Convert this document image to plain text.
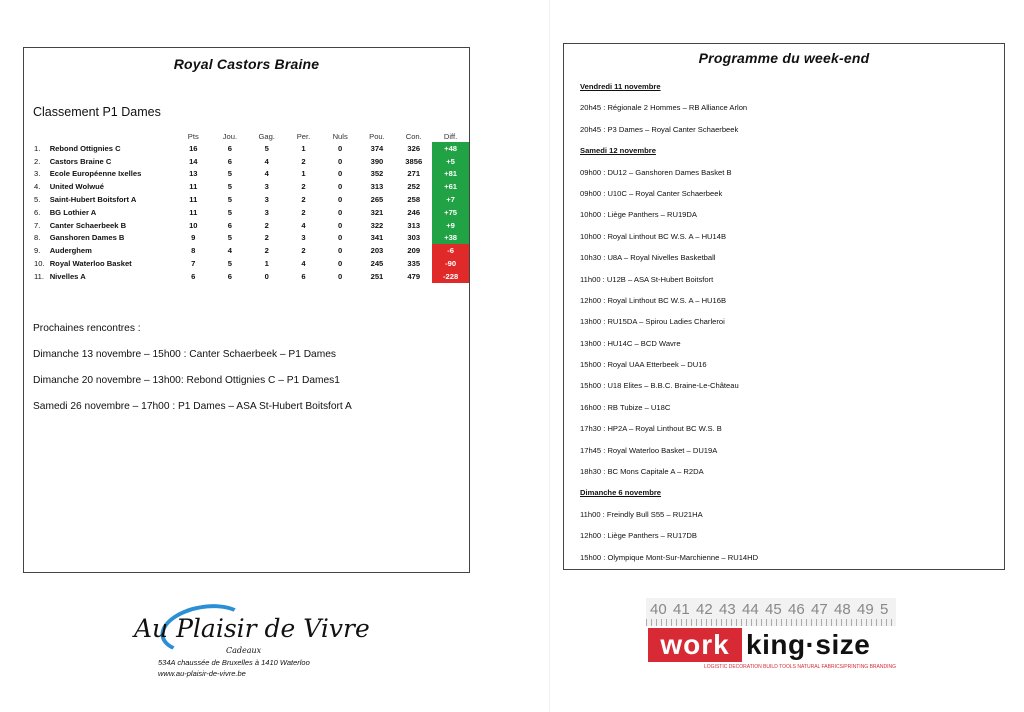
Royal Castors Braine
Classement P1 Dames
		Pts	Jou.	Gag.	Per.	Nuls	Pou.	Con.	Diff.
1.	Rebond Ottignies C	16	6	5	1	0	374	326	+48
2.	Castors Braine C	14	6	4	2	0	390	3856	+5
3.	Ecole Européenne Ixelles	13	5	4	1	0	352	271	+81
4.	United Wolwué	11	5	3	2	0	313	252	+61
5.	Saint-Hubert Boitsfort A	11	5	3	2	0	265	258	+7
6.	BG Lothier A	11	5	3	2	0	321	246	+75
7.	Canter Schaerbeek B	10	6	2	4	0	322	313	+9
8.	Ganshoren Dames B	9	5	2	3	0	341	303	+38
9.	Auderghem	8	4	2	2	0	203	209	-6
10.	Royal Waterloo Basket	7	5	1	4	0	245	335	-90
11.	Nivelles A	6	6	0	6	0	251	479	-228
Prochaines rencontres :
Dimanche 13 novembre – 15h00 : Canter Schaerbeek – P1 Dames
Dimanche 20 novembre – 13h00: Rebond Ottignies C – P1 Dames1
Samedi 26 novembre – 17h00 : P1 Dames – ASA St-Hubert Boitsfort A
Programme du week-end
Vendredi 11 novembre
20h45 : Régionale 2 Hommes – RB Alliance Arlon
20h45 : P3 Dames – Royal Canter Schaerbeek
Samedi 12 novembre
09h00 : DU12 – Ganshoren Dames Basket B
09h00 : U10C – Royal Canter Schaerbeek
10h00 : Liège Panthers – RU19DA
10h00 : Royal Linthout BC W.S. A – HU14B
10h30 : U8A – Royal Nivelles Basketball
11h00 : U12B – ASA St-Hubert Boitsfort
12h00 : Royal Linthout BC W.S. A – HU16B
13h00 : RU15DA – Spirou Ladies Charleroi
13h00 : HU14C – BCD Wavre
15h00 : Royal UAA Etterbeek – DU16
15h00 : U18 Elites – B.B.C. Braine-Le-Château
16h00 : RB Tubize – U18C
17h30 : HP2A – Royal Linthout BC W.S. B
17h45 : Royal Waterloo Basket – DU19A
18h30 : BC Mons Capitale A – R2DA
Dimanche 6 novembre
11h00 : Freindly Bull S55 – RU21HA
12h00 : Liège Panthers – RU17DB
15h00 : Olympique Mont-Sur-Marchienne – RU14HD
Au Plaisir de Vivre
Cadeaux
534A chaussée de Bruxelles à 1410 Waterloo
www.au-plaisir-de-vivre.be
40 41 42 43 44 45 46 47 48 49 5
work king·size
LOGISTIC DECORATION BUILD TOOLS NATURAL FABRICS/PRINTING BRANDING
